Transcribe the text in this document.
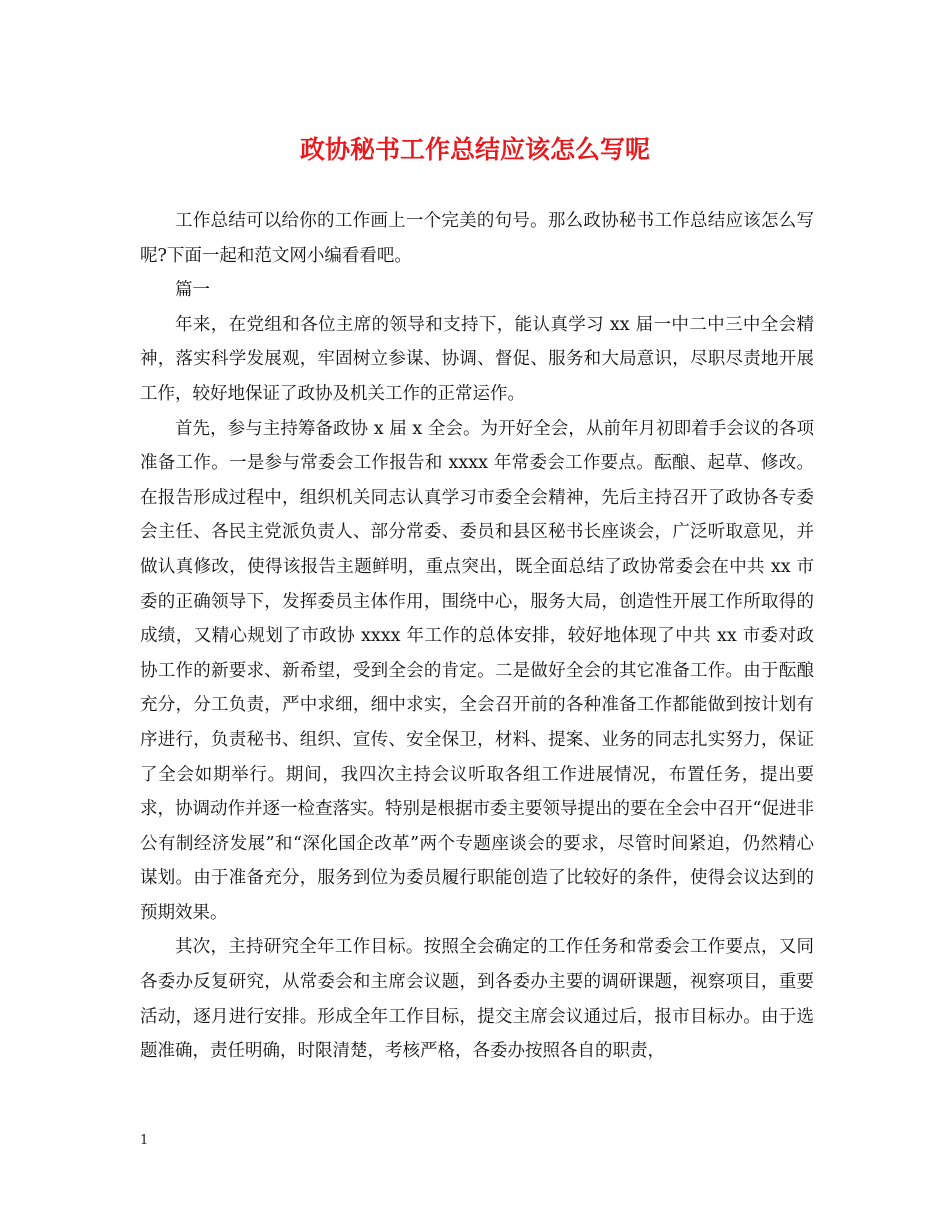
政协秘书工作总结应该怎么写呢

工作总结可以给你的工作画上一个完美的句号。那么政协秘书工作总结应该怎么写呢?下面一起和范文网小编看看吧。

篇一

年来，在党组和各位主席的领导和支持下，能认真学习 xx 届一中二中三中全会精神，落实科学发展观，牢固树立参谋、协调、督促、服务和大局意识，尽职尽责地开展工作，较好地保证了政协及机关工作的正常运作。

首先，参与主持筹备政协 x 届 x 全会。为开好全会，从前年月初即着手会议的各项准备工作。一是参与常委会工作报告和 xxxx 年常委会工作要点。酝酿、起草、修改。在报告形成过程中，组织机关同志认真学习市委全会精神，先后主持召开了政协各专委会主任、各民主党派负责人、部分常委、委员和县区秘书长座谈会，广泛听取意见，并做认真修改，使得该报告主题鲜明，重点突出，既全面总结了政协常委会在中共 xx 市委的正确领导下，发挥委员主体作用，围绕中心，服务大局，创造性开展工作所取得的成绩，又精心规划了市政协 xxxx 年工作的总体安排，较好地体现了中共 xx 市委对政协工作的新要求、新希望，受到全会的肯定。二是做好全会的其它准备工作。由于酝酿充分，分工负责，严中求细，细中求实，全会召开前的各种准备工作都能做到按计划有序进行，负责秘书、组织、宣传、安全保卫，材料、提案、业务的同志扎实努力，保证了全会如期举行。期间，我四次主持会议听取各组工作进展情况，布置任务，提出要求，协调动作并逐一检查落实。特别是根据市委主要领导提出的要在全会中召开“促进非公有制经济发展”和“深化国企改革”两个专题座谈会的要求，尽管时间紧迫，仍然精心谋划。由于准备充分，服务到位为委员履行职能创造了比较好的条件，使得会议达到的预期效果。

其次，主持研究全年工作目标。按照全会确定的工作任务和常委会工作要点，又同各委办反复研究，从常委会和主席会议题，到各委办主要的调研课题，视察项目，重要活动，逐月进行安排。形成全年工作目标，提交主席会议通过后，报市目标办。由于选题准确，责任明确，时限清楚，考核严格，各委办按照各自的职责，

1
